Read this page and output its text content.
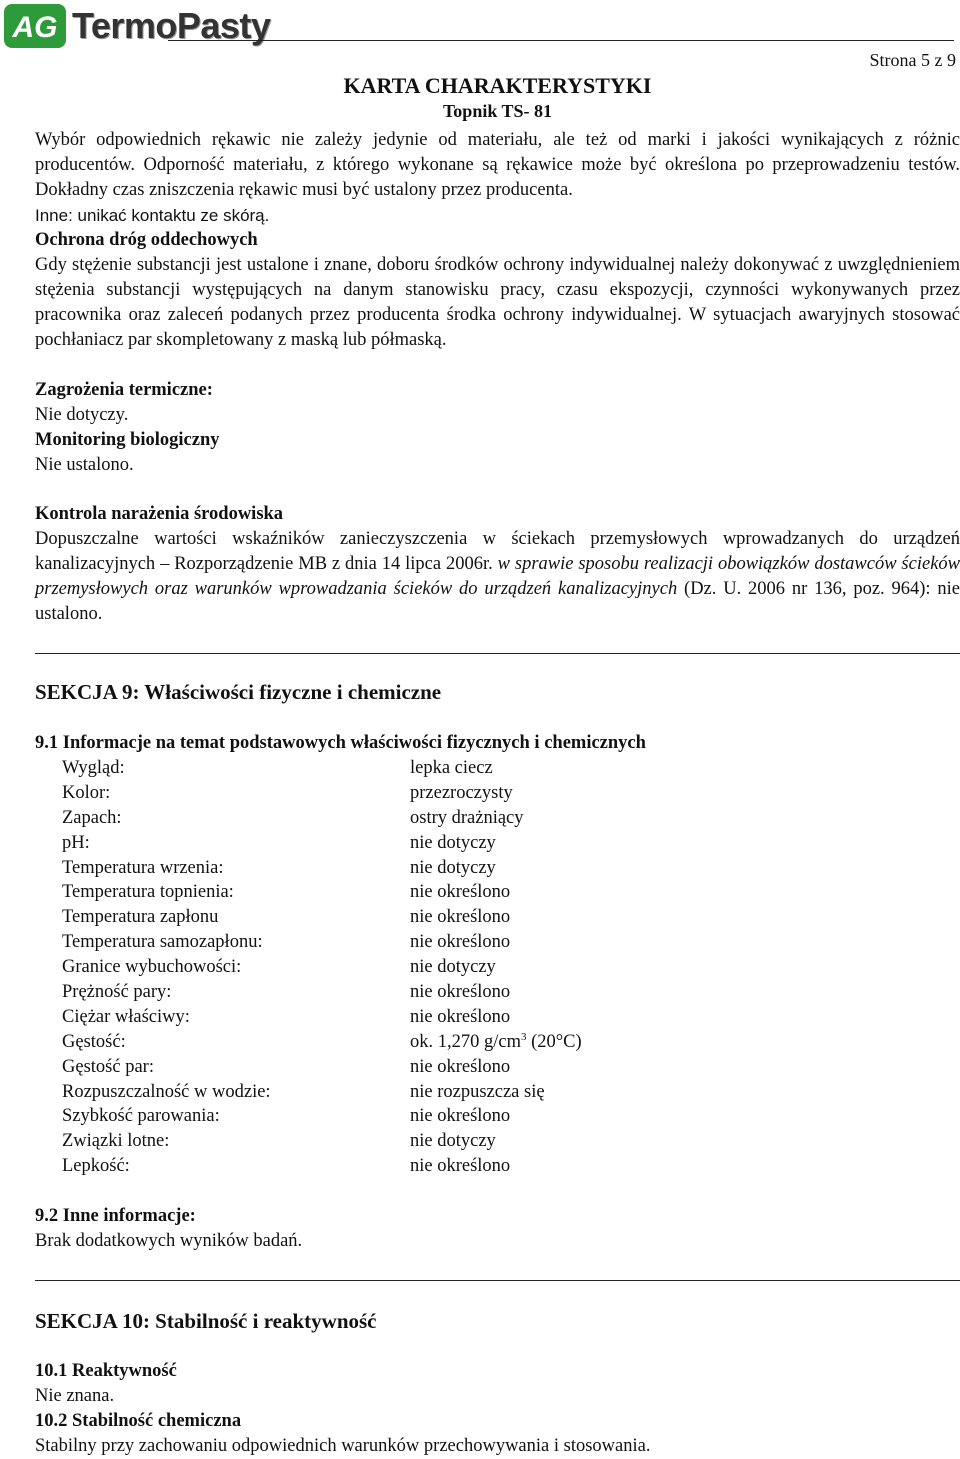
AG TermoPasty
Strona 5 z 9
KARTA CHARAKTERYSTYKI
Topnik TS- 81

Wybór odpowiednich rękawic nie zależy jedynie od materiału, ale też od marki i jakości wynikających z różnic producentów. Odporność materiału, z którego wykonane są rękawice może być określona po przeprowadzeniu testów. Dokładny czas zniszczenia rękawic musi być ustalony przez producenta.

Inne: unikać kontaktu ze skórą.

Ochrona dróg oddechowych

Gdy stężenie substancji jest ustalone i znane, doboru środków ochrony indywidualnej należy dokonywać z uwzględnieniem stężenia substancji występujących na danym stanowisku pracy, czasu ekspozycji, czynności wykonywanych przez pracownika oraz zaleceń podanych przez producenta środka ochrony indywidualnej. W sytuacjach awaryjnych stosować pochłaniacz par skompletowany z maską lub półmaską.

Zagrożenia termiczne:

Nie dotyczy.

Monitoring biologiczny

Nie ustalono.

Kontrola narażenia środowiska

Dopuszczalne wartości wskaźników zanieczyszczenia w ściekach przemysłowych wprowadzanych do urządzeń kanalizacyjnych – Rozporządzenie MB z dnia 14 lipca 2006r. w sprawie sposobu realizacji obowiązków dostawców ścieków przemysłowych oraz warunków wprowadzania ścieków do urządzeń kanalizacyjnych (Dz. U. 2006 nr 136, poz. 964): nie ustalono.

SEKCJA 9: Właściwości fizyczne i chemiczne
9.1 Informacje na temat podstawowych właściwości fizycznych i chemicznych
Wygląd:	lepka ciecz
Kolor:	przezroczysty
Zapach:	ostry drażniący
pH:	nie dotyczy
Temperatura wrzenia:	nie dotyczy
Temperatura topnienia:	nie określono
Temperatura zapłonu	nie określono
Temperatura samozapłonu:	nie określono
Granice wybuchowości:	nie dotyczy
Prężność pary:	nie określono
Ciężar właściwy:	nie określono
Gęstość:	ok. 1,270 $g/cm^3$ (20°C)
Gęstość par:	nie określono
Rozpuszczalność w wodzie:	nie rozpuszcza się
Szybkość parowania:	nie określono
Związki lotne:	nie dotyczy
Lepkość:	nie określono

9.2 Inne informacje:

Brak dodatkowych wyników badań.

SEKCJA 10: Stabilność i reaktywność

10.1 Reaktywność

Nie znana.

10.2 Stabilność chemiczna

Stabilny przy zachowaniu odpowiednich warunków przechowywania i stosowania.
